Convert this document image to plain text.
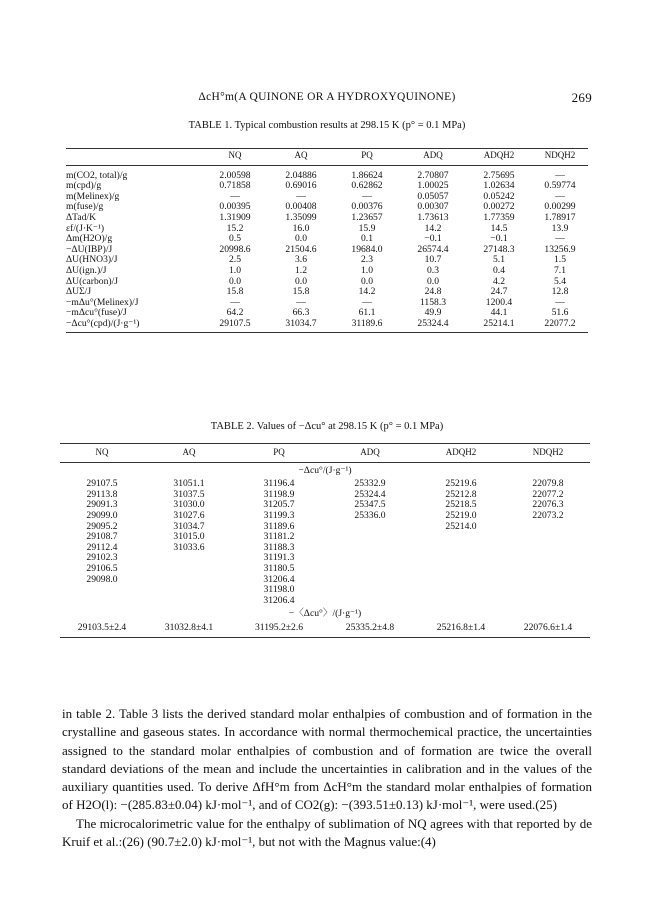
ΔcH°m(A QUINONE OR A HYDROXYQUINONE)	269
TABLE 1. Typical combustion results at 298.15 K (p° = 0.1 MPa)
	NQ	AQ	PQ	ADQ	ADQH2	NDQH2

m(CO2, total)/g	2.00598	2.04886	1.86624	2.70807	2.75695	—
m(cpd)/g	0.71858	0.69016	0.62862	1.00025	1.02634	0.59774
m(Melinex)/g	—	—	—	0.05057	0.05242	—
m(fuse)/g	0.00395	0.00408	0.00376	0.00307	0.00272	0.00299
ΔTad/K	1.31909	1.35099	1.23657	1.73613	1.77359	1.78917
εf/(J·K⁻¹)	15.2	16.0	15.9	14.2	14.5	13.9
Δm(H2O)/g	0.5	0.0	0.1	−0.1	−0.1	—
−ΔU(IBP)/J	20998.6	21504.6	19684.0	26574.4	27148.3	13256.9
ΔU(HNO3)/J	2.5	3.6	2.3	10.7	5.1	1.5
ΔU(ign.)/J	1.0	1.2	1.0	0.3	0.4	7.1
ΔU(carbon)/J	0.0	0.0	0.0	0.0	4.2	5.4
ΔUΣ/J	15.8	15.8	14.2	24.8	24.7	12.8
−mΔu°(Melinex)/J	—	—	—	1158.3	1200.4	—
−mΔcu°(fuse)/J	64.2	66.3	61.1	49.9	44.1	51.6
−Δcu°(cpd)/(J·g⁻¹)	29107.5	31034.7	31189.6	25324.4	25214.1	22077.2
TABLE 2. Values of −Δcu° at 298.15 K (p° = 0.1 MPa)
NQ	AQ	PQ	ADQ	ADQH2	NDQH2
−Δcu°/(J·g⁻¹)					
29107.5	31051.1	31196.4	25332.9	25219.6	22079.8
29113.8	31037.5	31198.9	25324.4	25212.8	22077.2
29091.3	31030.0	31205.7	25347.5	25218.5	22076.3
29099.0	31027.6	31199.3	25336.0	25219.0	22073.2
29095.2	31034.7	31189.6		25214.0	
29108.7	31015.0	31181.2			
29112.4	31033.6	31188.3			
29102.3		31191.3			
29106.5		31180.5			
29098.0		31206.4			
		31198.0			
		31206.4			
−〈Δcu°〉/(J·g⁻¹)					
29103.5±2.4	31032.8±4.1	31195.2±2.6	25335.2±4.8	25216.8±1.4	22076.6±1.4

in table 2. Table 3 lists the derived standard molar enthalpies of combustion and of formation in the crystalline and gaseous states. In accordance with normal thermochemical practice, the uncertainties assigned to the standard molar enthalpies of combustion and of formation are twice the overall standard deviations of the mean and include the uncertainties in calibration and in the values of the auxiliary quantities used. To derive ΔfH°m from ΔcH°m the standard molar enthalpies of formation of H2O(l): −(285.83±0.04) kJ·mol⁻¹, and of CO2(g): −(393.51±0.13) kJ·mol⁻¹, were used.(25)

The microcalorimetric value for the enthalpy of sublimation of NQ agrees with that reported by de Kruif et al.:(26) (90.7±2.0) kJ·mol⁻¹, but not with the Magnus value:(4)
